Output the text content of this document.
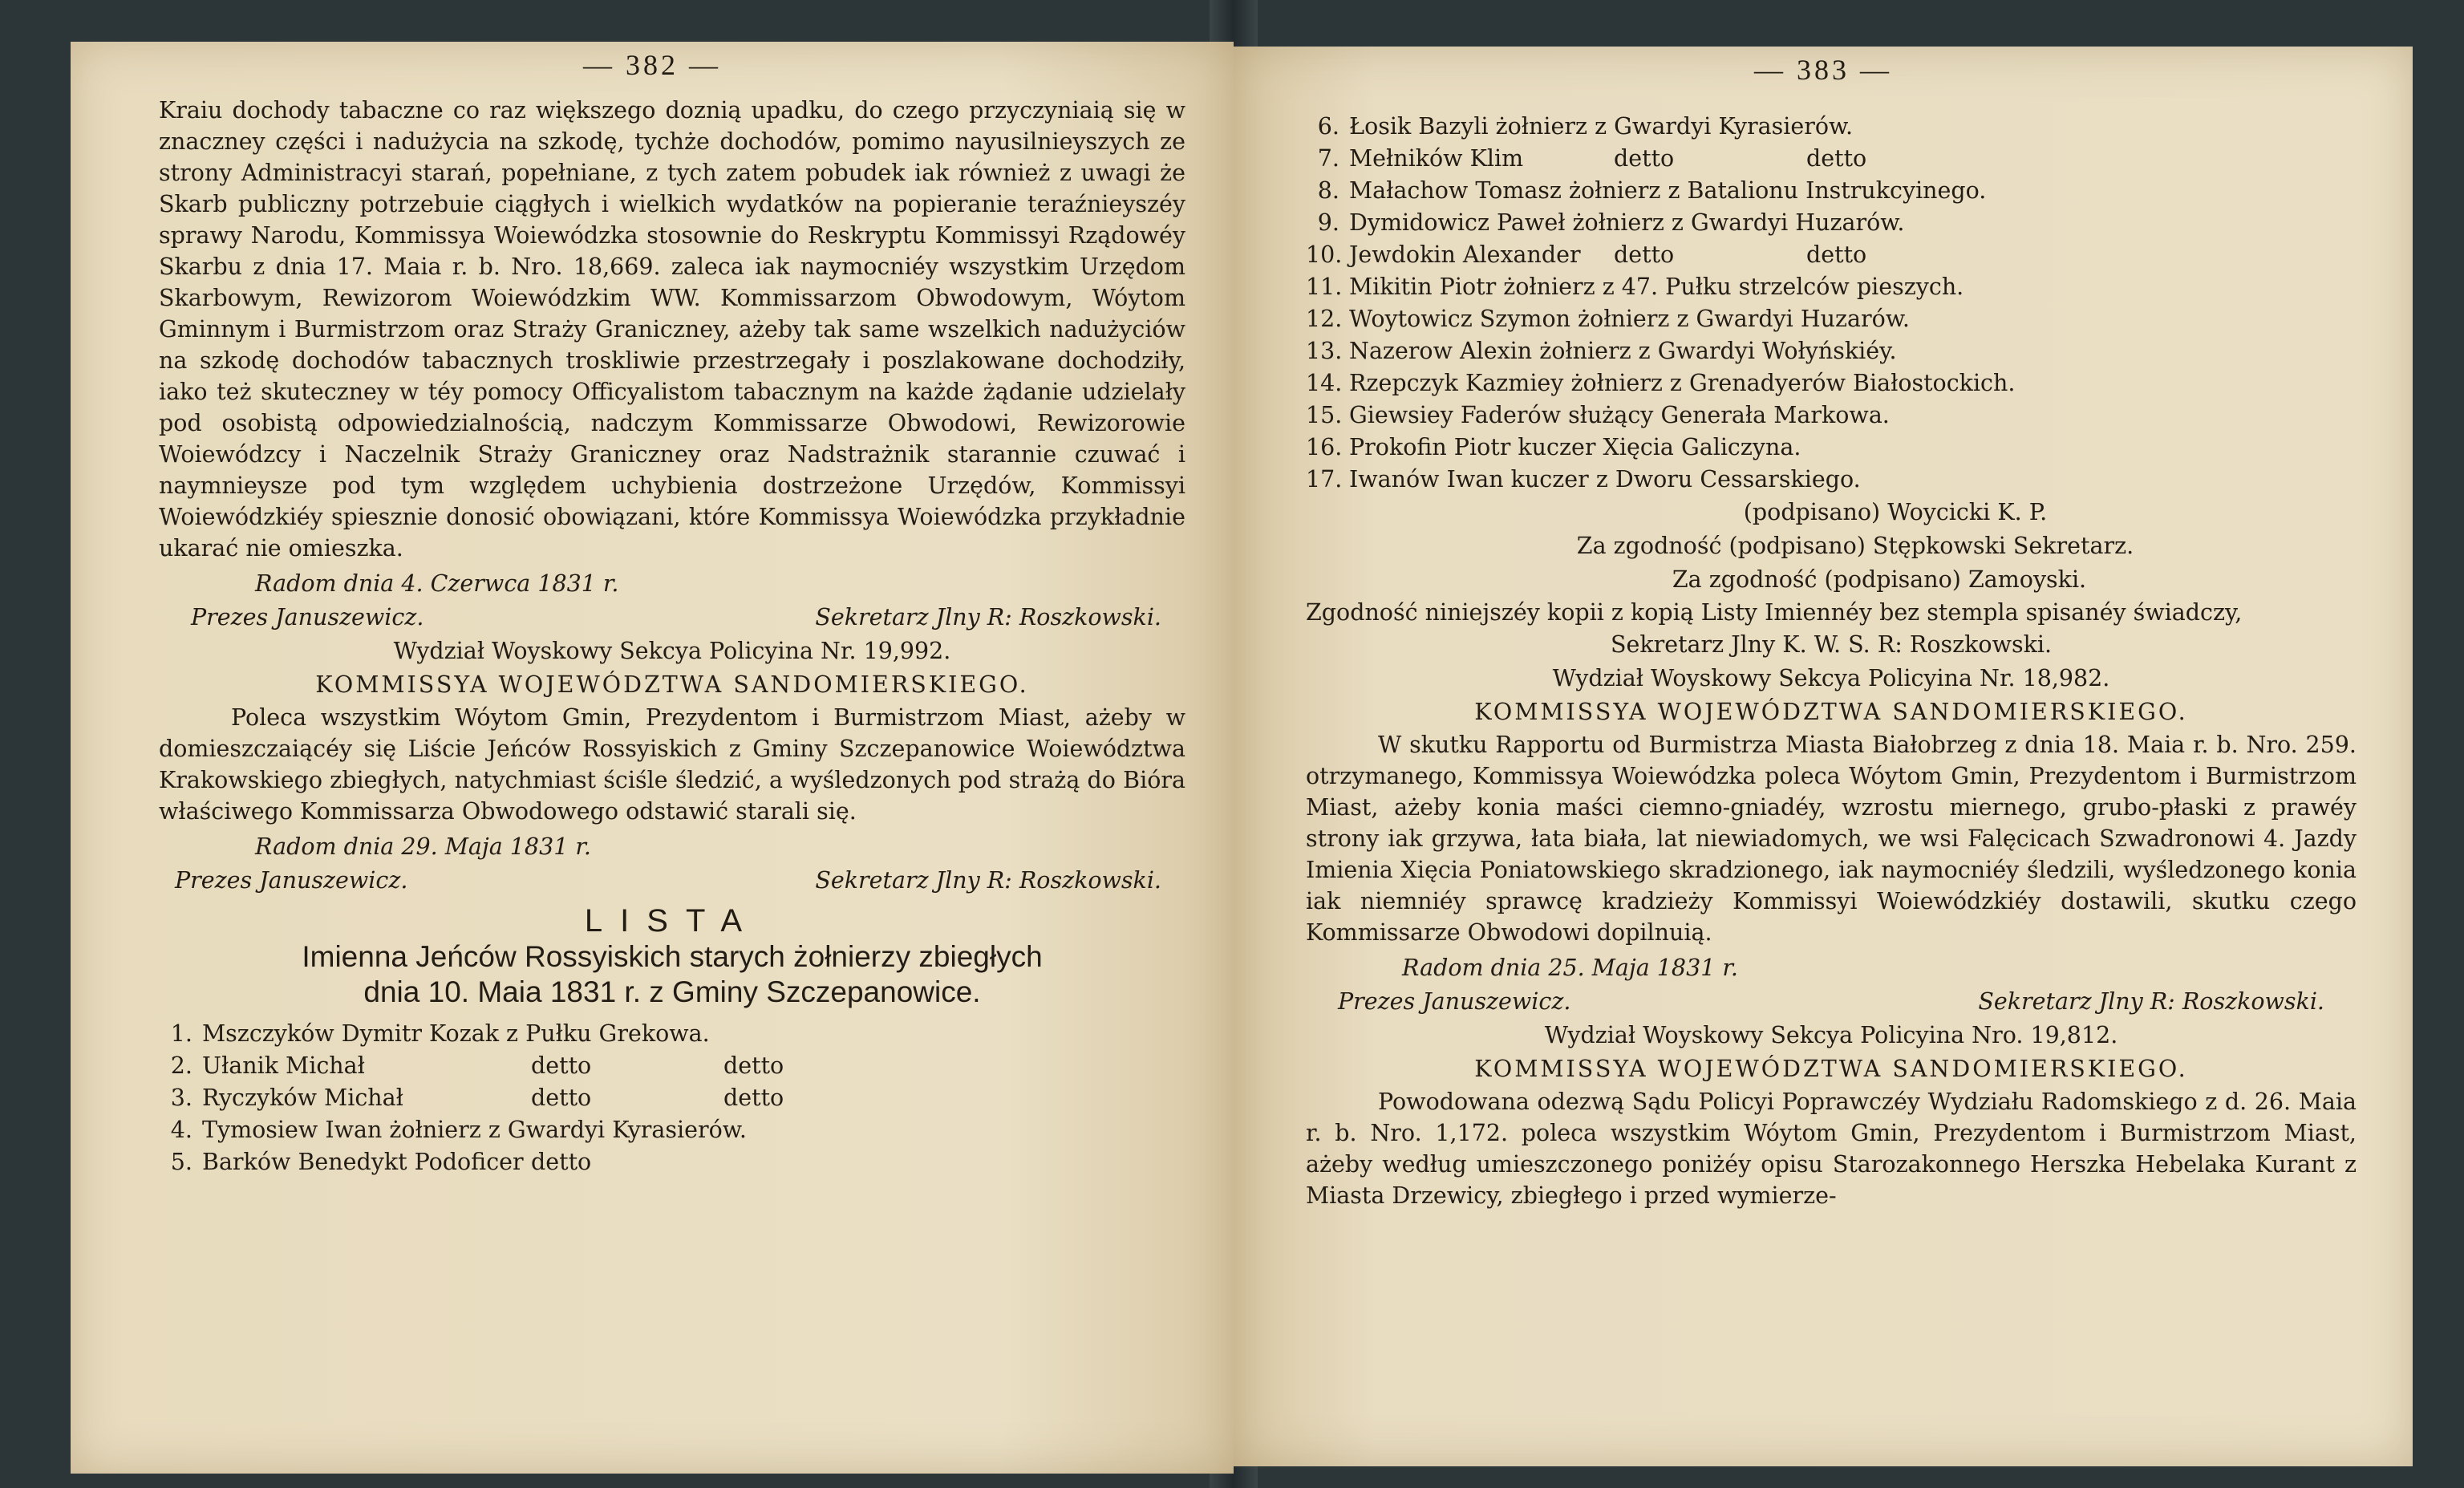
— 382 —

Kraiu dochody tabaczne co raz większego doznią upadku, do czego przyczyniaią się w znaczney części i nadużycia na szkodę, tychże dochodów, pomimo nayusilnieyszych ze strony Administracyi starań, popełniane, z tych zatem pobudek iak również z uwagi że Skarb publiczny potrzebuie ciągłych i wielkich wydatków na popieranie teraźnieyszéy sprawy Narodu, Kommissya Woiewódzka stosownie do Reskryptu Kommissyi Rządowéy Skarbu z dnia 17. Maia r. b. Nro. 18,669. zaleca iak naymocniéy wszystkim Urzędom Skarbowym, Rewizorom Woiewódzkim WW. Kommissarzom Obwodowym, Wóytom Gminnym i Burmistrzom oraz Straży Graniczney, ażeby tak same wszelkich nadużyciów na szkodę dochodów tabacznych troskliwie przestrzegały i poszlakowane dochodziły, iako też skuteczney w téy pomocy Officyalistom tabacznym na każde żądanie udzielały pod osobistą odpowiedzialnością, nadczym Kommissarze Obwodowi, Rewizorowie Woiewódzcy i Naczelnik Straży Graniczney oraz Nadstrażnik starannie czuwać i naymnieysze pod tym względem uchybienia dostrzeżone Urzędów, Kommissyi Woiewódzkiéy spiesznie donosić obowiązani, które Kommissya Woiewódzka przykładnie ukarać nie omieszka.

Radom dnia 4. Czerwca 1831 r.
Prezes Januszewicz.	Sekretarz Jlny R: Roszkowski.
Wydział Woyskowy Sekcya Policyina Nr. 19,992.
KOMMISSYA WOJEWÓDZTWA SANDOMIERSKIEGO.

Poleca wszystkim Wóytom Gmin, Prezydentom i Burmistrzom Miast, ażeby w domieszczaiącéy się Liście Jeńców Rossyiskich z Gminy Szczepanowice Woiewództwa Krakowskiego zbiegłych, natychmiast ściśle śledzić, a wyśledzonych pod strażą do Bióra właściwego Kommissarza Obwodowego odstawić starali się.

Radom dnia 29. Maja 1831 r.
Prezes Januszewicz.	Sekretarz Jlny R: Roszkowski.
LISTA
Imienna Jeńców Rossyiskich starych żołnierzy zbiegłych
dnia 10. Maia 1831 r. z Gminy Szczepanowice.
1. Mszczyków Dymitr Kozak z Pułku Grekowa.
2. Ułanik Michał	detto	detto
3. Ryczyków Michał	detto	detto
4. Tymosiew Iwan żołnierz z Gwardyi Kyrasierów.
5. Barków Benedykt Podoficer detto
— 383 —
6. Łosik Bazyli żołnierz z Gwardyi Kyrasierów.
7. Mełników Klim	detto	detto
8. Małachow Tomasz żołnierz z Batalionu Instrukcyinego.
9. Dymidowicz Paweł żołnierz z Gwardyi Huzarów.
10. Jewdokin Alexander	detto	detto
11. Mikitin Piotr żołnierz z 47. Pułku strzelców pieszych.
12. Woytowicz Szymon żołnierz z Gwardyi Huzarów.
13. Nazerow Alexin żołnierz z Gwardyi Wołyńskiéy.
14. Rzepczyk Kazmiey żołnierz z Grenadyerów Białostockich.
15. Giewsiey Faderów służący Generała Markowa.
16. Prokofin Piotr kuczer Xięcia Galiczyna.
17. Iwanów Iwan kuczer z Dworu Cessarskiego.
(podpisano) Woycicki K. P.
Za zgodność (podpisano) Stępkowski Sekretarz.
Za zgodność (podpisano) Zamoyski.
Zgodność niniejszéy kopii z kopią Listy Imiennéy bez stempla spisanéy świadczy,
Sekretarz Jlny K. W. S. R: Roszkowski.
Wydział Woyskowy Sekcya Policyina Nr. 18,982.
KOMMISSYA WOJEWÓDZTWA SANDOMIERSKIEGO.

W skutku Rapportu od Burmistrza Miasta Białobrzeg z dnia 18. Maia r. b. Nro. 259. otrzymanego, Kommissya Woiewódzka poleca Wóytom Gmin, Prezydentom i Burmistrzom Miast, ażeby konia maści ciemno-gniadéy, wzrostu miernego, grubo-płaski z prawéy strony iak grzywa, łata biała, lat niewiadomych, we wsi Falęcicach Szwadronowi 4. Jazdy Imienia Xięcia Poniatowskiego skradzionego, iak naymocniéy śledzili, wyśledzonego konia iak niemniéy sprawcę kradzieży Kommissyi Woiewódzkiéy dostawili, skutku czego Kommissarze Obwodowi dopilnuią.

Radom dnia 25. Maja 1831 r.
Prezes Januszewicz.	Sekretarz Jlny R: Roszkowski.
Wydział Woyskowy Sekcya Policyina Nro. 19,812.
KOMMISSYA WOJEWÓDZTWA SANDOMIERSKIEGO.

Powodowana odezwą Sądu Policyi Poprawczéy Wydziału Radomskiego z d. 26. Maia r. b. Nro. 1,172. poleca wszystkim Wóytom Gmin, Prezydentom i Burmistrzom Miast, ażeby według umieszczonego poniżéy opisu Starozakonnego Herszka Hebelaka Kurant z Miasta Drzewicy, zbiegłego i przed wymierze-
